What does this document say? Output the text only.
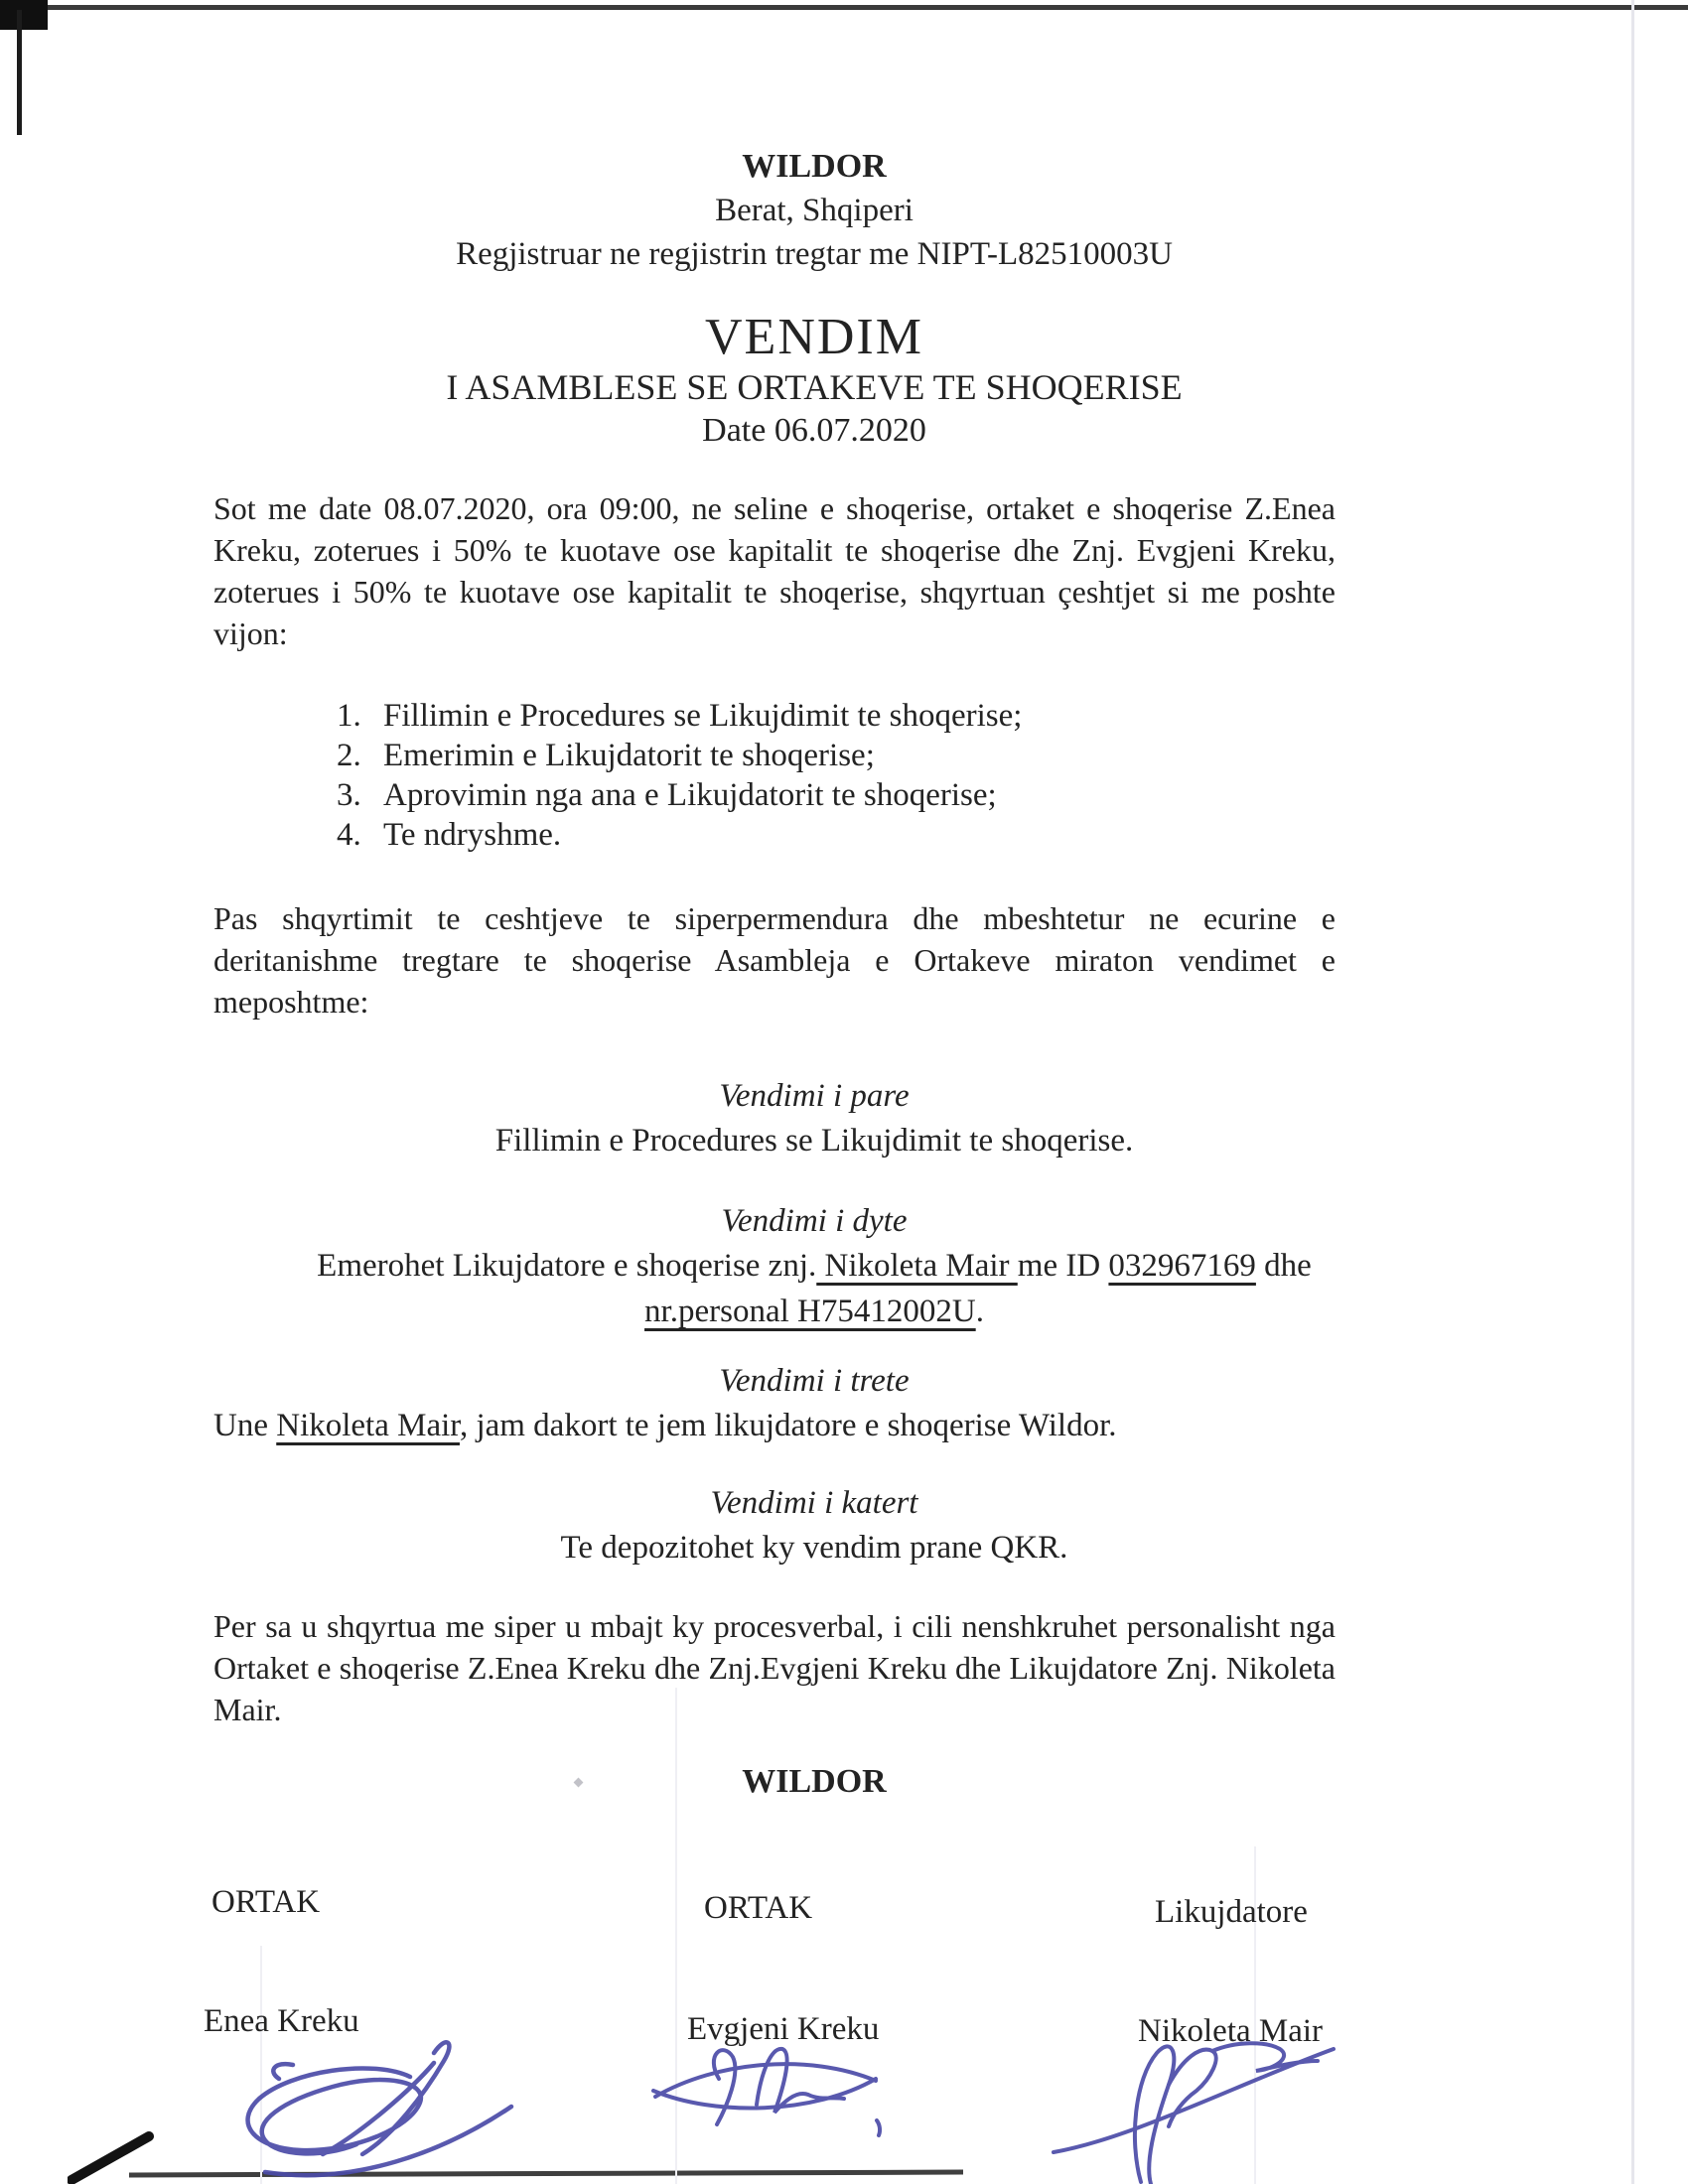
WILDOR
Berat, Shqiperi
Regjistruar ne regjistrin tregtar me NIPT-L82510003U
VENDIM
I ASAMBLESE SE ORTAKEVE TE SHOQERISE
Date 06.07.2020

Sot me date 08.07.2020, ora 09:00, ne seline e shoqerise, ortaket e shoqerise Z.Enea Kreku, zoterues i 50% te kuotave ose kapitalit te shoqerise dhe Znj. Evgjeni Kreku, zoterues i 50% te kuotave ose kapitalit te shoqerise, shqyrtuan çeshtjet si me poshte vijon:

1. Fillimin e Procedures se Likujdimit te shoqerise;
2. Emerimin e Likujdatorit te shoqerise;
3. Aprovimin nga ana e Likujdatorit te shoqerise;
4. Te ndryshme.

Pas shqyrtimit te ceshtjeve te siperpermendura dhe mbeshtetur ne ecurine e deritanishme tregtare te shoqerise Asambleja e Ortakeve miraton vendimet e meposhtme:

Vendimi i pare

Fillimin e Procedures se Likujdimit te shoqerise.

Vendimi i dyte

Emerohet Likujdatore e shoqerise znj. Nikoleta Mair me ID 032967169 dhe
nr.personal H75412002U.

Vendimi i trete

Une Nikoleta Mair, jam dakort te jem likujdatore e shoqerise Wildor.

Vendimi i katert

Te depozitohet ky vendim prane QKR.

Per sa u shqyrtua me siper u mbajt ky procesverbal, i cili nenshkruhet personalisht nga Ortaket e shoqerise Z.Enea Kreku dhe Znj.Evgjeni Kreku dhe Likujdatore Znj. Nikoleta Mair.

WILDOR
ORTAK	ORTAK	Likujdatore
Enea Kreku	Evgjeni Kreku	Nikoleta Mair
